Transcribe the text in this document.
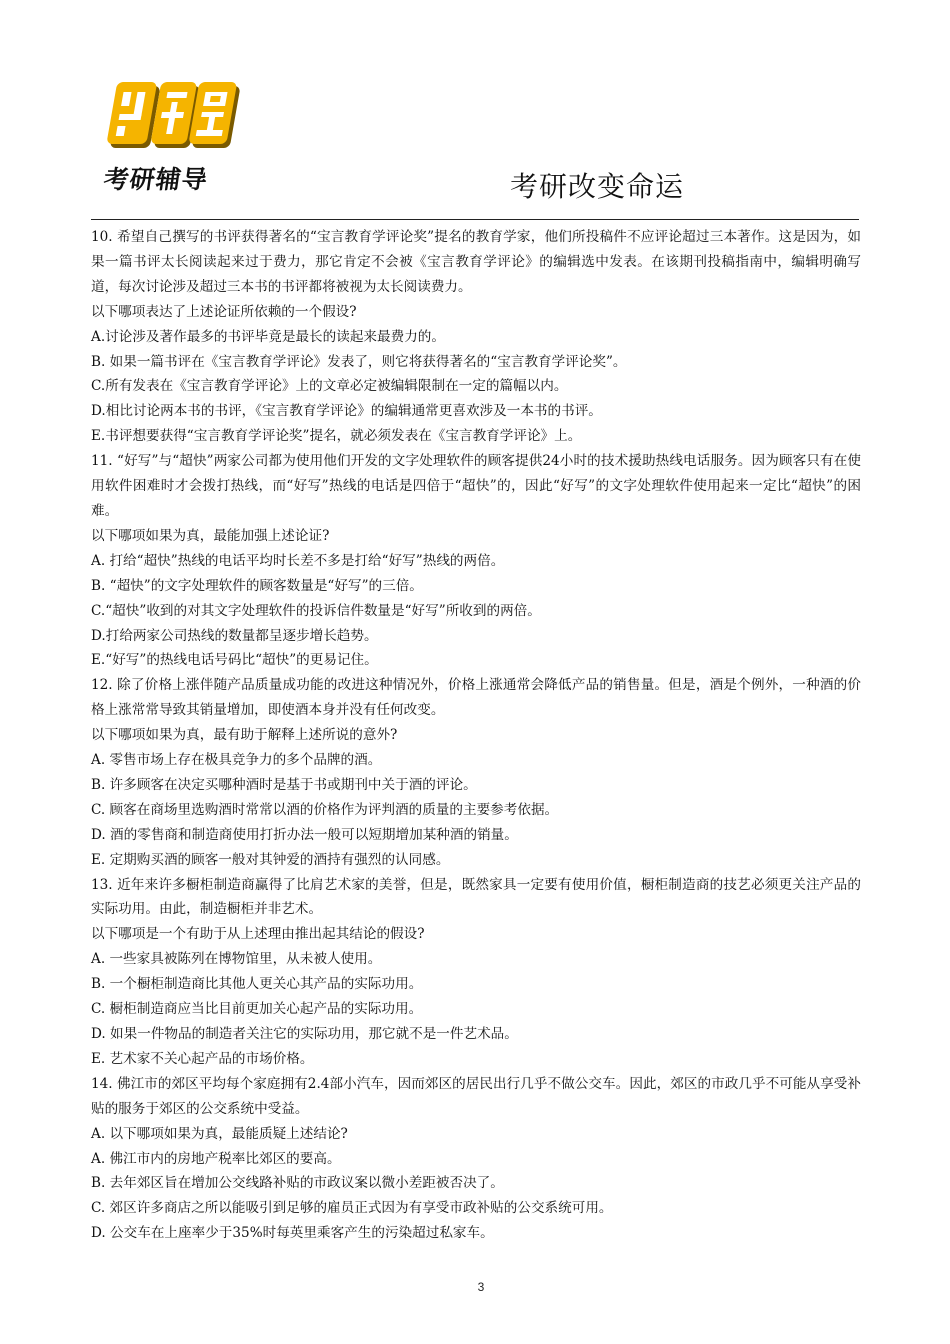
考研辅导	考研改变命运
10. 希望自己撰写的书评获得著名的“宝言教育学评论奖”提名的教育学家，他们所投稿件不应评论超过三本著作。这是因为，如果一篇书评太长阅读起来过于费力，那它肯定不会被《宝言教育学评论》的编辑选中发表。在该期刊投稿指南中，编辑明确写道，每次讨论涉及超过三本书的书评都将被视为太长阅读费力。
以下哪项表达了上述论证所依赖的一个假设?
A.讨论涉及著作最多的书评毕竟是最长的读起来最费力的。
B. 如果一篇书评在《宝言教育学评论》发表了，则它将获得著名的“宝言教育学评论奖”。
C.所有发表在《宝言教育学评论》上的文章必定被编辑限制在一定的篇幅以内。
D.相比讨论两本书的书评，《宝言教育学评论》的编辑通常更喜欢涉及一本书的书评。
E.书评想要获得“宝言教育学评论奖”提名，就必须发表在《宝言教育学评论》上。
11. “好写”与“超快”两家公司都为使用他们开发的文字处理软件的顾客提供24小时的技术援助热线电话服务。因为顾客只有在使用软件困难时才会拨打热线，而“好写”热线的电话是四倍于“超快”的，因此“好写”的文字处理软件使用起来一定比“超快”的困难。
以下哪项如果为真，最能加强上述论证?
A. 打给“超快”热线的电话平均时长差不多是打给“好写”热线的两倍。
B. “超快”的文字处理软件的顾客数量是“好写”的三倍。
C.“超快”收到的对其文字处理软件的投诉信件数量是“好写”所收到的两倍。
D.打给两家公司热线的数量都呈逐步增长趋势。
E.“好写”的热线电话号码比“超快”的更易记住。
12. 除了价格上涨伴随产品质量成功能的改进这种情况外，价格上涨通常会降低产品的销售量。但是，酒是个例外，一种酒的价格上涨常常导致其销量增加，即使酒本身并没有任何改变。
以下哪项如果为真，最有助于解释上述所说的意外?
A. 零售市场上存在极具竞争力的多个品牌的酒。
B. 许多顾客在决定买哪种酒时是基于书或期刊中关于酒的评论。
C. 顾客在商场里选购酒时常常以酒的价格作为评判酒的质量的主要参考依据。
D. 酒的零售商和制造商使用打折办法一般可以短期增加某种酒的销量。
E. 定期购买酒的顾客一般对其钟爱的酒持有强烈的认同感。
13. 近年来许多橱柜制造商赢得了比肩艺术家的美誉，但是，既然家具一定要有使用价值，橱柜制造商的技艺必须更关注产品的实际功用。由此，制造橱柜并非艺术。
以下哪项是一个有助于从上述理由推出起其结论的假设?
A. 一些家具被陈列在博物馆里，从未被人使用。
B. 一个橱柜制造商比其他人更关心其产品的实际功用。
C. 橱柜制造商应当比目前更加关心起产品的实际功用。
D. 如果一件物品的制造者关注它的实际功用，那它就不是一件艺术品。
E. 艺术家不关心起产品的市场价格。
14. 佛江市的郊区平均每个家庭拥有2.4部小汽车，因而郊区的居民出行几乎不做公交车。因此，郊区的市政几乎不可能从享受补贴的服务于郊区的公交系统中受益。
A. 以下哪项如果为真，最能质疑上述结论?
A. 佛江市内的房地产税率比郊区的要高。
B. 去年郊区旨在增加公交线路补贴的市政议案以微小差距被否决了。
C. 郊区许多商店之所以能吸引到足够的雇员正式因为有享受市政补贴的公交系统可用。
D. 公交车在上座率少于35%时每英里乘客产生的污染超过私家车。
3
